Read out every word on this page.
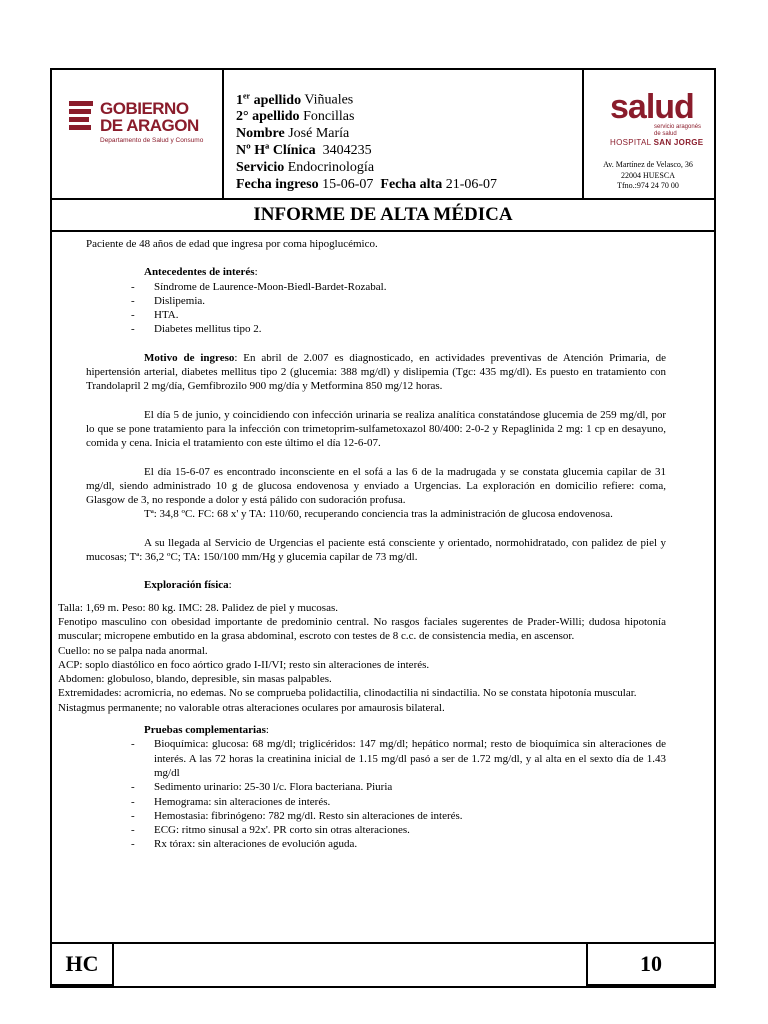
GOBIERNO
DE ARAGON
Departamento de Salud y Consumo
1er apellido Viñuales
2° apellido Foncillas
Nombre José María
Nº Hª Clínica 3404235
Servicio Endocrinología
Fecha ingreso 15-06-07 Fecha alta 21-06-07
salud
servicio aragonés
de salud
HOSPITAL SAN JORGE
Av. Martínez de Velasco, 36
22004 HUESCA
Tfno.:974 24 70 00
INFORME DE ALTA MÉDICA

Paciente de 48 años de edad que ingresa por coma hipoglucémico.

Antecedentes de interés:

- Síndrome de Laurence-Moon-Biedl-Bardet-Rozabal.
- Dislipemia.
- HTA.
- Diabetes mellitus tipo 2.

Motivo de ingreso: En abril de 2.007 es diagnosticado, en actividades preventivas de Atención Primaria, de hipertensión arterial, diabetes mellitus tipo 2 (glucemia: 388 mg/dl) y dislipemia (Tgc: 435 mg/dl). Es puesto en tratamiento con Trandolapril 2 mg/día, Gemfibrozilo 900 mg/día y Metformina 850 mg/12 horas.

El día 5 de junio, y coincidiendo con infección urinaria se realiza analítica constatándose glucemia de 259 mg/dl, por lo que se pone tratamiento para la infección con trimetoprim-sulfametoxazol 80/400: 2-0-2 y Repaglinida 2 mg: 1 cp en desayuno, comida y cena. Inicia el tratamiento con este último el día 12-6-07.

El día 15-6-07 es encontrado inconsciente en el sofá a las 6 de la madrugada y se constata glucemia capilar de 31 mg/dl, siendo administrado 10 g de glucosa endovenosa y enviado a Urgencias. La exploración en domicilio refiere: coma, Glasgow de 3, no responde a dolor y está pálido con sudoración profusa.

Tª: 34,8 ºC. FC: 68 x' y TA: 110/60, recuperando conciencia tras la administración de glucosa endovenosa.

A su llegada al Servicio de Urgencias el paciente está consciente y orientado, normohidratado, con palidez de piel y mucosas; Tª: 36,2 ºC; TA: 150/100 mm/Hg y glucemia capilar de 73 mg/dl.

Exploración física:

Talla: 1,69 m. Peso: 80 kg. IMC: 28. Palidez de piel y mucosas.

Fenotipo masculino con obesidad importante de predominio central. No rasgos faciales sugerentes de Prader-Willi; dudosa hipotonía muscular; micropene embutido en la grasa abdominal, escroto con testes de 8 c.c. de consistencia media, en ascensor.

Cuello: no se palpa nada anormal.

ACP: soplo diastólico en foco aórtico grado I-II/VI; resto sin alteraciones de interés.

Abdomen: globuloso, blando, depresible, sin masas palpables.

Extremidades: acromicria, no edemas. No se comprueba polidactilia, clinodactilia ni sindactilia. No se constata hipotonía muscular.

Nistagmus permanente; no valorable otras alteraciones oculares por amaurosis bilateral.

Pruebas complementarias:

- Bioquímica: glucosa: 68 mg/dl; triglicéridos: 147 mg/dl; hepático normal; resto de bioquímica sin alteraciones de interés. A las 72 horas la creatinina inicial de 1.15 mg/dl pasó a ser de 1.72 mg/dl, y al alta en el sexto día de 1.43 mg/dl
- Sedimento urinario: 25-30 l/c. Flora bacteriana. Piuria
- Hemograma: sin alteraciones de interés.
- Hemostasia: fibrinógeno: 782 mg/dl. Resto sin alteraciones de interés.
- ECG: ritmo sinusal a 92x'. PR corto sin otras alteraciones.
- Rx tórax: sin alteraciones de evolución aguda.
HC	10
